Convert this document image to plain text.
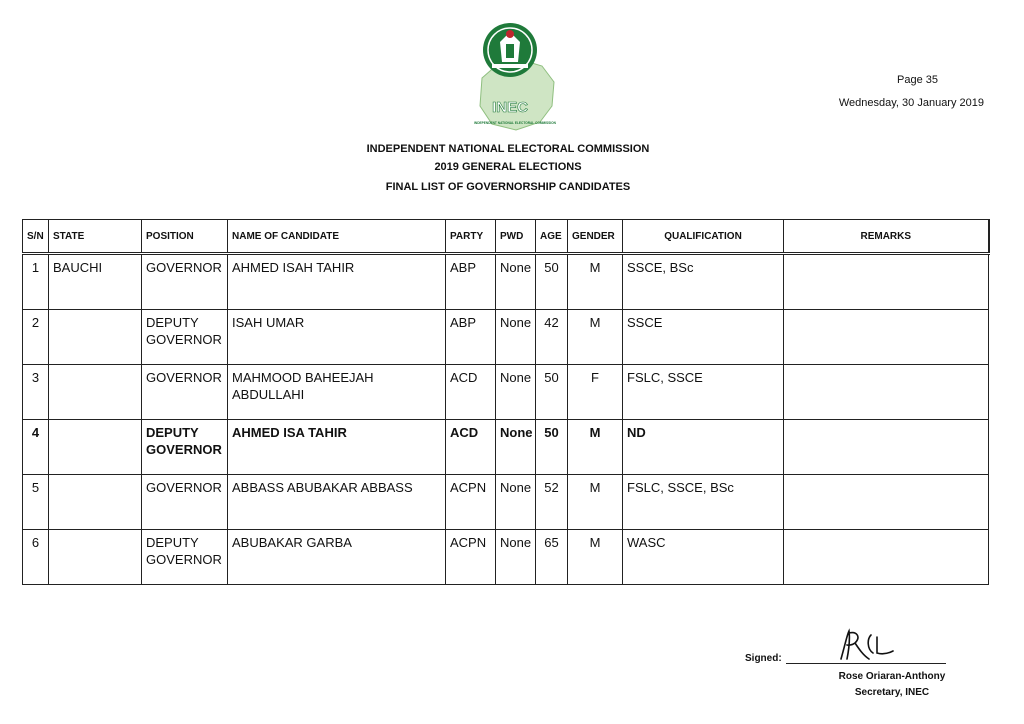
INEC
INDEPENDENT NATIONAL ELECTORAL COMMISSION
Page 35
Wednesday, 30 January 2019
INDEPENDENT NATIONAL ELECTORAL COMMISSION
2019 GENERAL ELECTIONS
FINAL LIST OF GOVERNORSHIP CANDIDATES
S/N	STATE	POSITION	NAME OF CANDIDATE	PARTY	PWD	AGE	GENDER	QUALIFICATION	REMARKS
1	BAUCHI	GOVERNOR	AHMED ISAH TAHIR	ABP	None	50	M	SSCE, BSc	
2		DEPUTY GOVERNOR	ISAH UMAR	ABP	None	42	M	SSCE	
3		GOVERNOR	MAHMOOD BAHEEJAH ABDULLAHI	ACD	None	50	F	FSLC, SSCE	
4		DEPUTY GOVERNOR	AHMED ISA TAHIR	ACD	None	50	M	ND	
5		GOVERNOR	ABBASS ABUBAKAR ABBASS	ACPN	None	52	M	FSLC, SSCE, BSc	
6		DEPUTY GOVERNOR	ABUBAKAR GARBA	ACPN	None	65	M	WASC	
Signed:
Rose Oriaran-Anthony
Secretary, INEC
